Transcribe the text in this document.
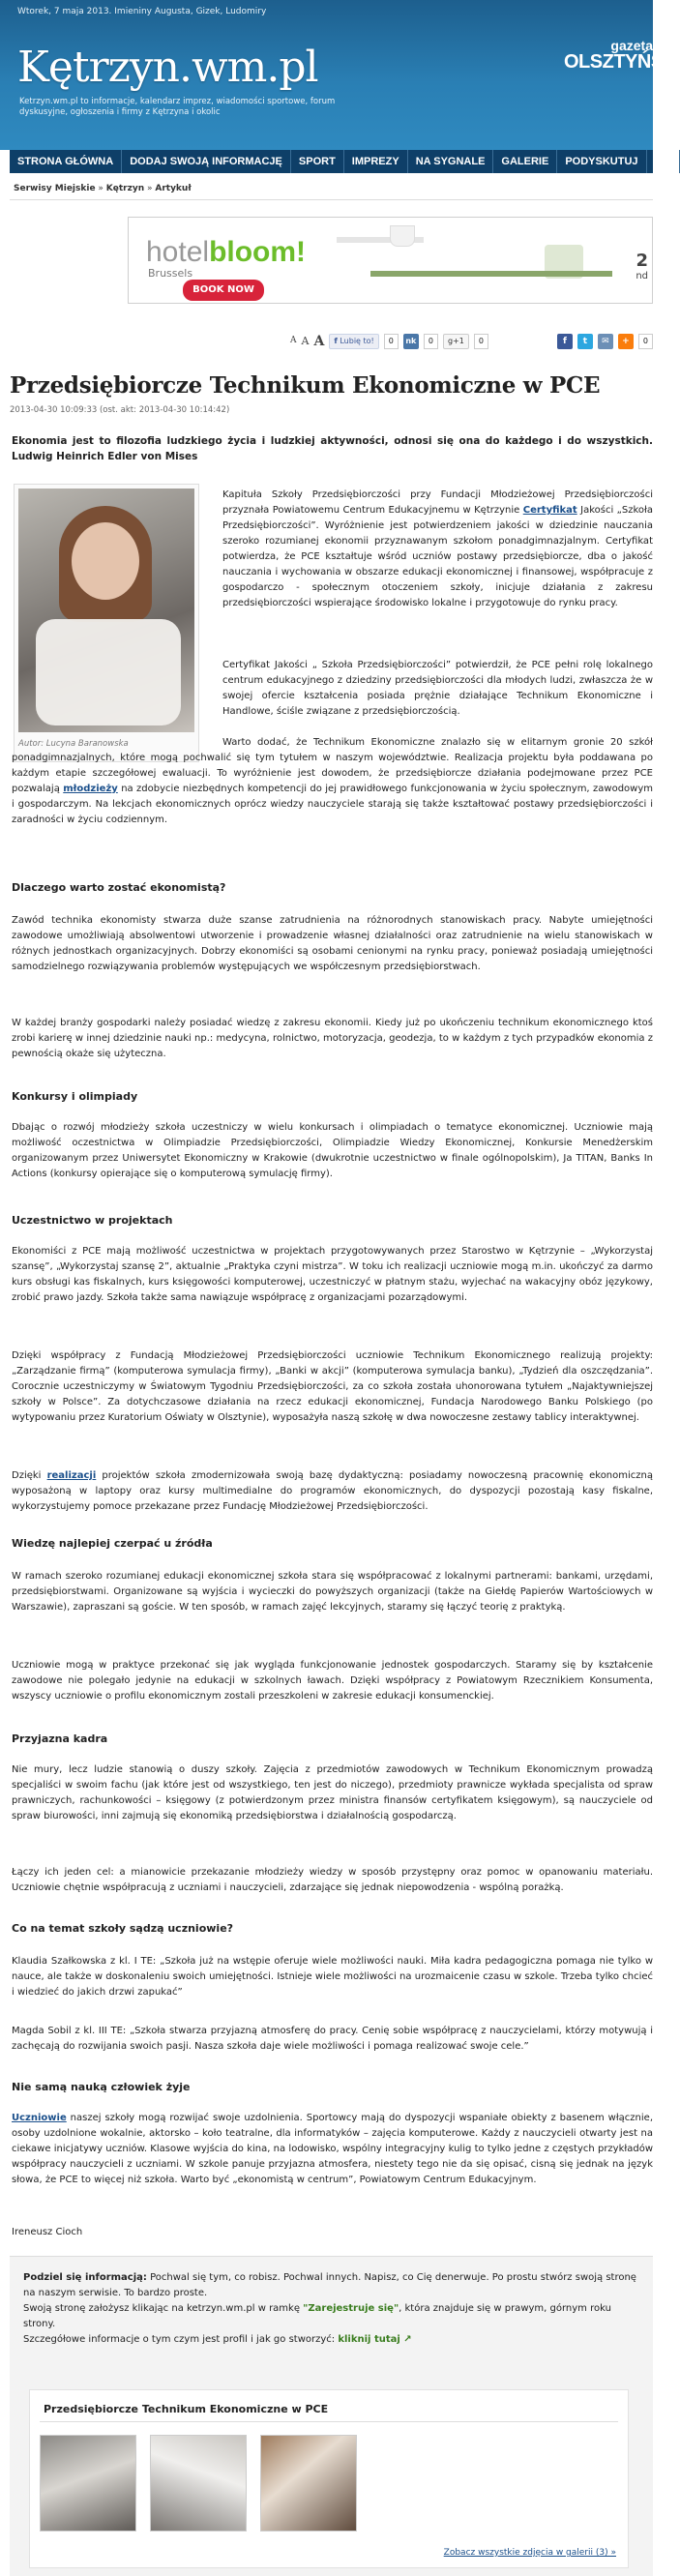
Wtorek, 7 maja 2013. Imieniny Augusta, Gizek, Ludomiry
Kętrzyn.wm.pl
Ketrzyn.wm.pl to informacje, kalendarz imprez, wiadomości sportowe, forum dyskusyjne, ogłoszenia i firmy z Kętrzyna i okolic
gazeta
OLSZTYŃS
STRONA GŁÓWNA	DODAJ SWOJĄ INFORMACJĘ	SPORT	IMPREZY	NA SYGNALE	GALERIE	PODYSKUTUJ	MA
Serwisy Miejskie » Kętrzyn » Artykuł
hotelbloom!
Brussels
BOOK NOW
2
nd
A A A	f Lubię to!	0	nk	0	g+1	0	f	t	✉	+	0
Przedsiębiorcze Technikum Ekonomiczne w PCE
2013-04-30 10:09:33 (ost. akt: 2013-04-30 10:14:42)
Ekonomia jest to filozofia ludzkiego życia i ludzkiej aktywności, odnosi się ona do każdego i do wszystkich. Ludwig Heinrich Edler von Mises
Autor: Lucyna Baranowska
Kapituła Szkoły Przedsiębiorczości przy Fundacji Młodzieżowej Przedsiębiorczości przyznała Powiatowemu Centrum Edukacyjnemu w Kętrzynie Certyfikat Jakości „Szkoła Przedsiębiorczości”. Wyróżnienie jest potwierdzeniem jakości w dziedzinie nauczania szeroko rozumianej ekonomii przyznawanym szkołom ponadgimnazjalnym. Certyfikat potwierdza, że PCE kształtuje wśród uczniów postawy przedsiębiorcze, dba o jakość nauczania i wychowania w obszarze edukacji ekonomicznej i finansowej, współpracuje z gospodarczo - społecznym otoczeniem szkoły, inicjuje działania z zakresu przedsiębiorczości wspierające środowisko lokalne i przygotowuje do rynku pracy.
Certyfikat Jakości „ Szkoła Przedsiębiorczości” potwierdził, że PCE pełni rolę lokalnego centrum edukacyjnego z dziedziny przedsiębiorczości dla młodych ludzi, zwłaszcza że w swojej ofercie kształcenia posiada prężnie działające Technikum Ekonomiczne i Handlowe, ściśle związane z przedsiębiorczością.
Warto dodać, że Technikum Ekonomiczne znalazło się w elitarnym gronie 20 szkół ponadgimnazjalnych, które mogą pochwalić się tym tytułem w naszym województwie. Realizacja projektu była poddawana po każdym etapie szczegółowej ewaluacji. To wyróżnienie jest dowodem, że przedsiębiorcze działania podejmowane przez PCE pozwalają młodzieży na zdobycie niezbędnych kompetencji do jej prawidłowego funkcjonowania w życiu społecznym, zawodowym i gospodarczym. Na lekcjach ekonomicznych oprócz wiedzy nauczyciele starają się także kształtować postawy przedsiębiorczości i zaradności w życiu codziennym.
Dlaczego warto zostać ekonomistą?
Zawód technika ekonomisty stwarza duże szanse zatrudnienia na różnorodnych stanowiskach pracy. Nabyte umiejętności zawodowe umożliwiają absolwentowi utworzenie i prowadzenie własnej działalności oraz zatrudnienie na wielu stanowiskach w różnych jednostkach organizacyjnych. Dobrzy ekonomiści są osobami cenionymi na rynku pracy, ponieważ posiadają umiejętności samodzielnego rozwiązywania problemów występujących we współczesnym przedsiębiorstwach.
W każdej branży gospodarki należy posiadać wiedzę z zakresu ekonomii. Kiedy już po ukończeniu technikum ekonomicznego ktoś zrobi karierę w innej dziedzinie nauki np.: medycyna, rolnictwo, motoryzacja, geodezja, to w każdym z tych przypadków ekonomia z pewnością okaże się użyteczna.
Konkursy i olimpiady
Dbając o rozwój młodzieży szkoła uczestniczy w wielu konkursach i olimpiadach o tematyce ekonomicznej. Uczniowie mają możliwość oczestnictwa w Olimpiadzie Przedsiębiorczości, Olimpiadzie Wiedzy Ekonomicznej, Konkursie Menedżerskim organizowanym przez Uniwersytet Ekonomiczny w Krakowie (dwukrotnie uczestnictwo w finale ogólnopolskim), Ja TITAN, Banks In Actions (konkursy opierające się o komputerową symulację firmy).
Uczestnictwo w projektach
Ekonomiści z PCE mają możliwość uczestnictwa w projektach przygotowywanych przez Starostwo w Kętrzynie – „Wykorzystaj szansę”, „Wykorzystaj szansę 2”, aktualnie „Praktyka czyni mistrza”. W toku ich realizacji uczniowie mogą m.in. ukończyć za darmo kurs obsługi kas fiskalnych, kurs księgowości komputerowej, uczestniczyć w płatnym stażu, wyjechać na wakacyjny obóz językowy, zrobić prawo jazdy. Szkoła także sama nawiązuje współpracę z organizacjami pozarządowymi.
Dzięki współpracy z Fundacją Młodzieżowej Przedsiębiorczości uczniowie Technikum Ekonomicznego realizują projekty: „Zarządzanie firmą” (komputerowa symulacja firmy), „Banki w akcji” (komputerowa symulacja banku), „Tydzień dla oszczędzania”. Corocznie uczestniczymy w Światowym Tygodniu Przedsiębiorczości, za co szkoła została uhonorowana tytułem „Najaktywniejszej szkoły w Polsce”. Za dotychczasowe działania na rzecz edukacji ekonomicznej, Fundacja Narodowego Banku Polskiego (po wytypowaniu przez Kuratorium Oświaty w Olsztynie), wyposażyła naszą szkołę w dwa nowoczesne zestawy tablicy interaktywnej.
Dzięki realizacji projektów szkoła zmodernizowała swoją bazę dydaktyczną: posiadamy nowoczesną pracownię ekonomiczną wyposażoną w laptopy oraz kursy multimedialne do programów ekonomicznych, do dyspozycji pozostają kasy fiskalne, wykorzystujemy pomoce przekazane przez Fundację Młodzieżowej Przedsiębiorczości.
Wiedzę najlepiej czerpać u źródła
W ramach szeroko rozumianej edukacji ekonomicznej szkoła stara się współpracować z lokalnymi partnerami: bankami, urzędami, przedsiębiorstwami. Organizowane są wyjścia i wycieczki do powyższych organizacji (także na Giełdę Papierów Wartościowych w Warszawie), zapraszani są goście. W ten sposób, w ramach zajęć lekcyjnych, staramy się łączyć teorię z praktyką.
Uczniowie mogą w praktyce przekonać się jak wygląda funkcjonowanie jednostek gospodarczych. Staramy się by kształcenie zawodowe nie polegało jedynie na edukacji w szkolnych ławach. Dzięki współpracy z Powiatowym Rzecznikiem Konsumenta, wszyscy uczniowie o profilu ekonomicznym zostali przeszkoleni w zakresie edukacji konsumenckiej.
Przyjazna kadra
Nie mury, lecz ludzie stanowią o duszy szkoły. Zajęcia z przedmiotów zawodowych w Technikum Ekonomicznym prowadzą specjaliści w swoim fachu (jak które jest od wszystkiego, ten jest do niczego), przedmioty prawnicze wykłada specjalista od spraw prawniczych, rachunkowości – księgowy (z potwierdzonym przez ministra finansów certyfikatem księgowym), są nauczyciele od spraw biurowości, inni zajmują się ekonomiką przedsiębiorstwa i działalnością gospodarczą.
Łączy ich jeden cel: a mianowicie przekazanie młodzieży wiedzy w sposób przystępny oraz pomoc w opanowaniu materiału. Uczniowie chętnie współpracują z uczniami i nauczycieli, zdarzające się jednak niepowodzenia - wspólną porażką.
Co na temat szkoły sądzą uczniowie?
Klaudia Szałkowska z kl. I TE: „Szkoła już na wstępie oferuje wiele możliwości nauki. Miła kadra pedagogiczna pomaga nie tylko w nauce, ale także w doskonaleniu swoich umiejętności. Istnieje wiele możliwości na urozmaicenie czasu w szkole. Trzeba tylko chcieć i wiedzieć do jakich drzwi zapukać”
Magda Sobil z kl. III TE: „Szkoła stwarza przyjazną atmosferę do pracy. Cenię sobie współpracę z nauczycielami, którzy motywują i zachęcają do rozwijania swoich pasji. Nasza szkoła daje wiele możliwości i pomaga realizować swoje cele.”
Nie samą nauką człowiek żyje
Uczniowie naszej szkoły mogą rozwijać swoje uzdolnienia. Sportowcy mają do dyspozycji wspaniałe obiekty z basenem włącznie, osoby uzdolnione wokalnie, aktorsko – koło teatralne, dla informatyków – zajęcia komputerowe. Każdy z nauczycieli otwarty jest na ciekawe inicjatywy uczniów. Klasowe wyjścia do kina, na lodowisko, wspólny integracyjny kulig to tylko jedne z częstych przykładów współpracy nauczycieli z uczniami. W szkole panuje przyjazna atmosfera, niestety tego nie da się opisać, cisną się jednak na język słowa, że PCE to więcej niż szkoła. Warto być „ekonomistą w centrum”, Powiatowym Centrum Edukacyjnym.
Ireneusz Cioch
Podziel się informacją: Pochwal się tym, co robisz. Pochwal innych. Napisz, co Cię denerwuje. Po prostu stwórz swoją stronę na naszym serwisie. To bardzo proste.
Swoją stronę założysz klikając na ketrzyn.wm.pl w ramkę "Zarejestruje się", która znajduje się w prawym, górnym roku strony.
Szczegółowe informacje o tym czym jest profil i jak go stworzyć: kliknij tutaj ↗
Przedsiębiorcze Technikum Ekonomiczne w PCE
Zobacz wszystkie zdjęcia w galerii (3) »
